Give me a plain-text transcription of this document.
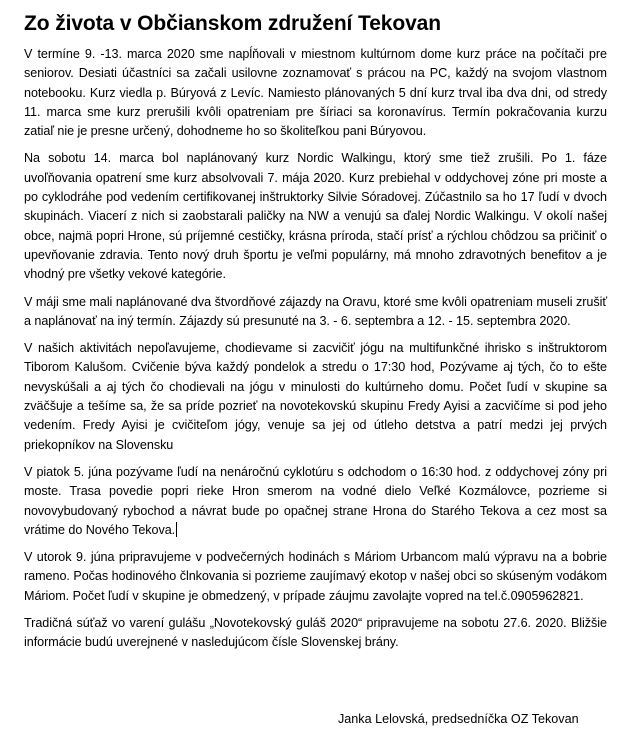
Zo života v Občianskom združení Tekovan

V termíne 9. -13. marca 2020 sme napĺňovali v miestnom kultúrnom dome kurz práce na počítači pre seniorov. Desiati účastníci sa začali usilovne zoznamovať s prácou na PC, každý na svojom vlastnom notebooku. Kurz viedla p. Búryová z Levíc. Namiesto plánovaných 5 dní kurz trval iba dva dni, od stredy 11. marca sme kurz prerušili kvôli opatreniam pre šíriaci sa koronavírus. Termín pokračovania kurzu zatiaľ nie je presne určený, dohodneme ho so školiteľkou pani Búryovou.

Na sobotu 14. marca bol naplánovaný kurz Nordic Walkingu, ktorý sme tiež zrušili. Po 1. fáze uvoľňovania opatrení sme kurz absolvovali 7. mája 2020. Kurz prebiehal v oddychovej zóne pri moste a po cyklodráhe pod vedením certifikovanej inštruktorky Silvie Sóradovej. Zúčastnilo sa ho 17 ľudí v dvoch skupinách. Viacerí z nich si zaobstarali paličky na NW a venujú sa ďalej Nordic Walkingu. V okolí našej obce, najmä popri Hrone, sú príjemné cestičky, krásna príroda, stačí prísť a rýchlou chôdzou sa pričiniť o upevňovanie zdravia. Tento nový druh športu je veľmi populárny, má mnoho zdravotných benefitov a je vhodný pre všetky vekové kategórie.

V máji sme mali naplánované dva štvordňové zájazdy na Oravu, ktoré sme kvôli opatreniam museli zrušiť a naplánovať na iný termín. Zájazdy sú presunuté na 3. - 6. septembra a 12. - 15. septembra 2020.

V našich aktivitách nepoľavujeme, chodievame si zacvičiť jógu na multifunkčné ihrisko s inštruktorom Tiborom Kalušom. Cvičenie býva každý pondelok a stredu o 17:30 hod, Pozývame aj tých, čo to ešte nevyskúšali a aj tých čo chodievali na jógu v minulosti do kultúrneho domu. Počet ľudí v skupine sa zväčšuje a tešíme sa, že sa príde pozrieť na novotekovskú skupinu Fredy Ayisi a zacvičíme si pod jeho vedením. Fredy Ayisi je cvičiteľom jógy, venuje sa jej od útleho detstva a patrí medzi jej prvých priekopníkov na Slovensku

V piatok 5. júna pozývame ľudí na nenáročnú cyklotúru s odchodom o 16:30 hod. z oddychovej zóny pri moste. Trasa povedie popri rieke Hron smerom na vodné dielo Veľké Kozmálovce, pozrieme si novovybudovaný rybochod a návrat bude po opačnej strane Hrona do Starého Tekova a cez most sa vrátime do Nového Tekova.

V utorok 9. júna pripravujeme v podvečerných hodinách s Máriom Urbancom malú výpravu na a bobrie rameno. Počas hodinového člnkovania si pozrieme zaujímavý ekotop v našej obci so skúseným vodákom Máriom. Počet ľudí v skupine je obmedzený, v prípade záujmu zavolajte vopred na tel.č.0905962821.

Tradičná súťaž vo varení gulášu „Novotekovský guláš 2020“ pripravujeme na sobotu 27.6. 2020. Bližšie informácie budú uverejnené v nasledujúcom čísle Slovenskej brány.

Janka Lelovská, predsedníčka OZ Tekovan
